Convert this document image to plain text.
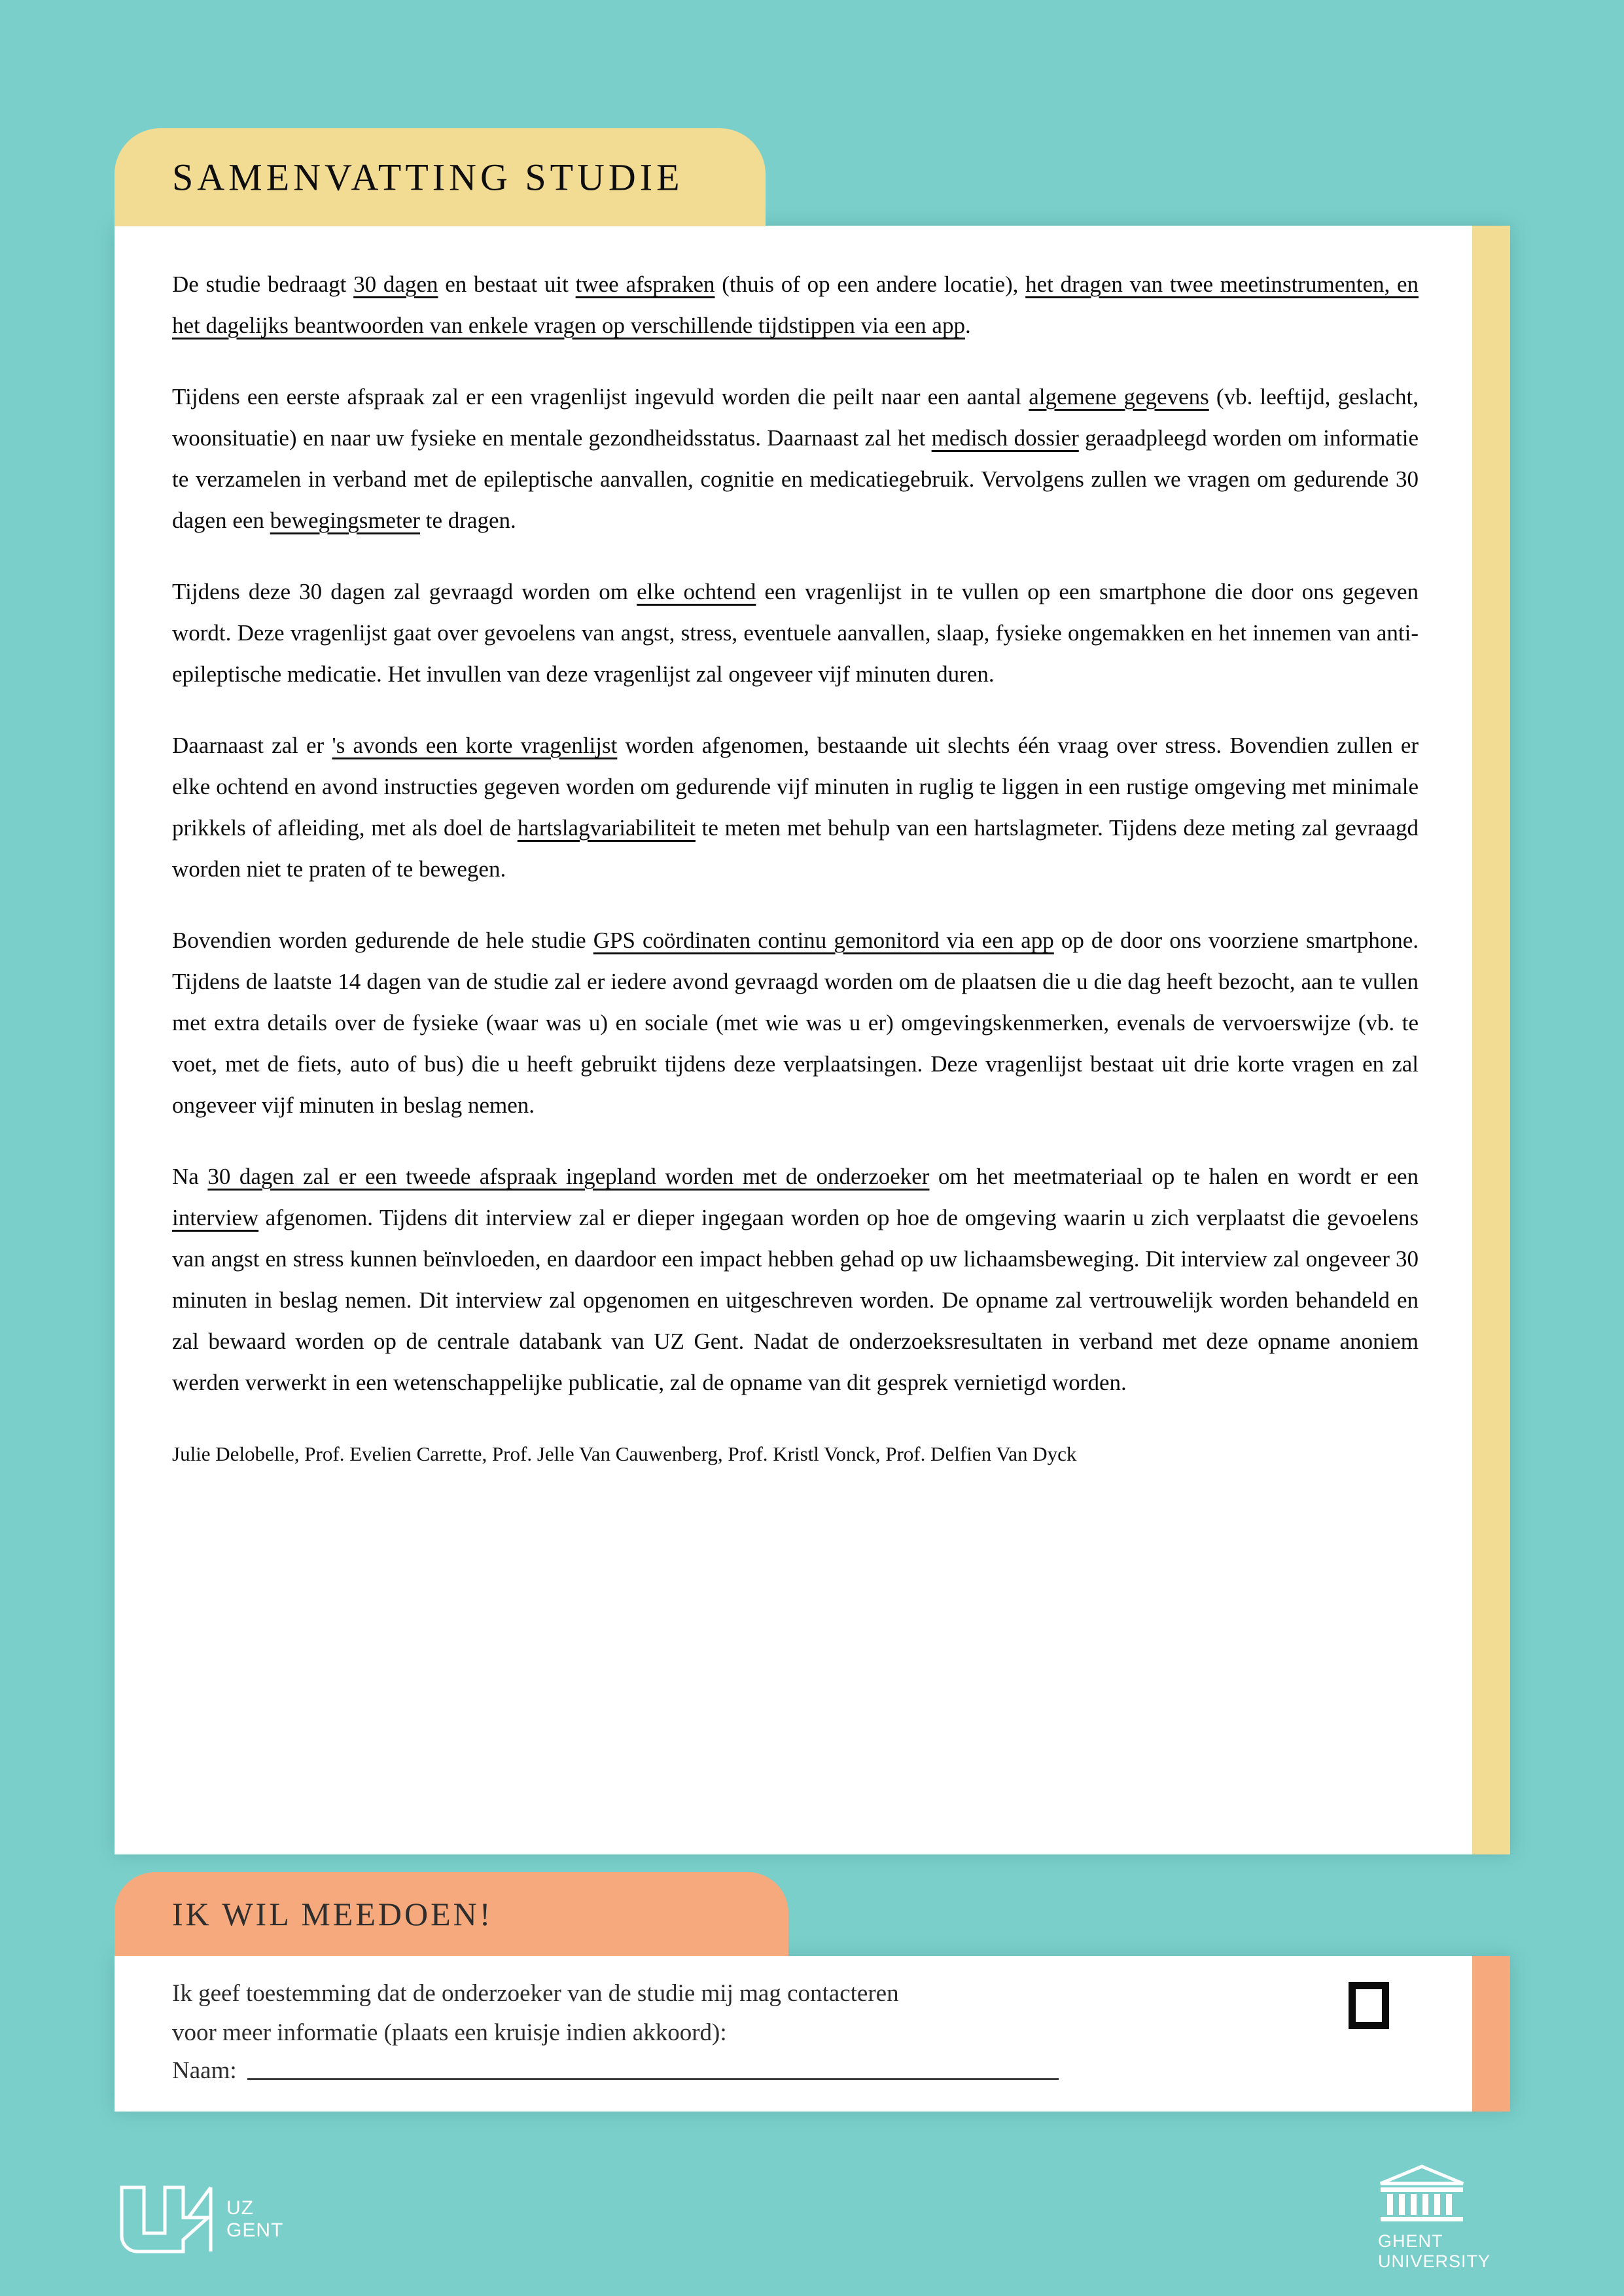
SAMENVATTING STUDIE

De studie bedraagt 30 dagen en bestaat uit twee afspraken (thuis of op een andere locatie), het dragen van twee meetinstrumenten, en het dagelijks beantwoorden van enkele vragen op verschillende tijdstippen via een app.

Tijdens een eerste afspraak zal er een vragenlijst ingevuld worden die peilt naar een aantal algemene gegevens (vb. leeftijd, geslacht, woonsituatie) en naar uw fysieke en mentale gezondheidsstatus. Daarnaast zal het medisch dossier geraadpleegd worden om informatie te verzamelen in verband met de epileptische aanvallen, cognitie en medicatiegebruik. Vervolgens zullen we vragen om gedurende 30 dagen een bewegingsmeter te dragen.

Tijdens deze 30 dagen zal gevraagd worden om elke ochtend een vragenlijst in te vullen op een smartphone die door ons gegeven wordt. Deze vragenlijst gaat over gevoelens van angst, stress, eventuele aanvallen, slaap, fysieke ongemakken en het innemen van anti-epileptische medicatie. Het invullen van deze vragenlijst zal ongeveer vijf minuten duren.

Daarnaast zal er 's avonds een korte vragenlijst worden afgenomen, bestaande uit slechts één vraag over stress. Bovendien zullen er elke ochtend en avond instructies gegeven worden om gedurende vijf minuten in ruglig te liggen in een rustige omgeving met minimale prikkels of afleiding, met als doel de hartslagvariabiliteit te meten met behulp van een hartslagmeter. Tijdens deze meting zal gevraagd worden niet te praten of te bewegen.

Bovendien worden gedurende de hele studie GPS coördinaten continu gemonitord via een app op de door ons voorziene smartphone. Tijdens de laatste 14 dagen van de studie zal er iedere avond gevraagd worden om de plaatsen die u die dag heeft bezocht, aan te vullen met extra details over de fysieke (waar was u) en sociale (met wie was u er) omgevingskenmerken, evenals de vervoerswijze (vb. te voet, met de fiets, auto of bus) die u heeft gebruikt tijdens deze verplaatsingen. Deze vragenlijst bestaat uit drie korte vragen en zal ongeveer vijf minuten in beslag nemen.

Na 30 dagen zal er een tweede afspraak ingepland worden met de onderzoeker om het meetmateriaal op te halen en wordt er een interview afgenomen. Tijdens dit interview zal er dieper ingegaan worden op hoe de omgeving waarin u zich verplaatst die gevoelens van angst en stress kunnen beïnvloeden, en daardoor een impact hebben gehad op uw lichaamsbeweging. Dit interview zal ongeveer 30 minuten in beslag nemen. Dit interview zal opgenomen en uitgeschreven worden. De opname zal vertrouwelijk worden behandeld en zal bewaard worden op de centrale databank van UZ Gent. Nadat de onderzoeksresultaten in verband met deze opname anoniem werden verwerkt in een wetenschappelijke publicatie, zal de opname van dit gesprek vernietigd worden.

Julie Delobelle, Prof. Evelien Carrette, Prof. Jelle Van Cauwenberg, Prof. Kristl Vonck, Prof. Delfien Van Dyck
IK WIL MEEDOEN!
Ik geef toestemming dat de onderzoeker van de studie mij mag contacteren
voor meer informatie (plaats een kruisje indien akkoord):
Naam:
UZ
GENT	GHENT
UNIVERSITY
